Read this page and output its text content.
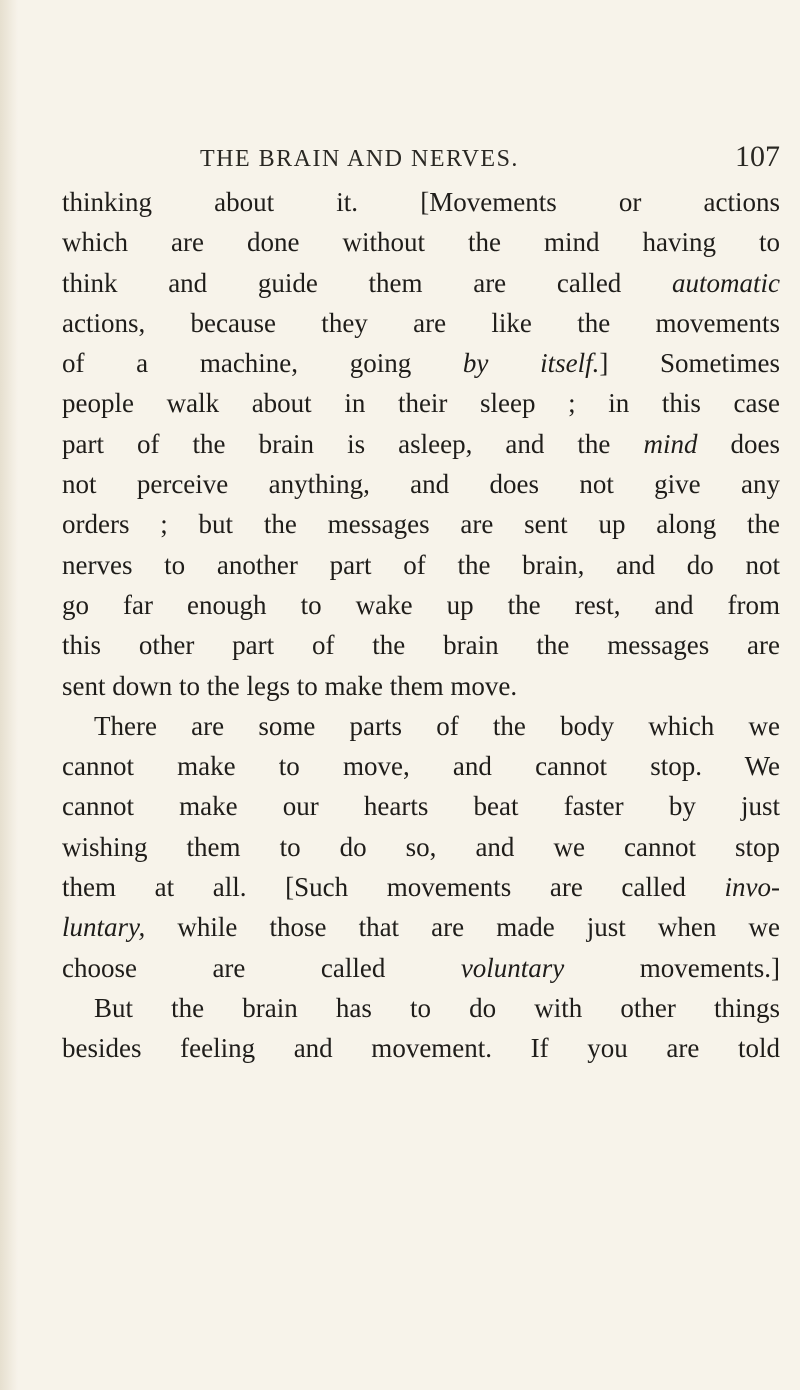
THE BRAIN AND NERVES.	107
thinking about it. [Movements or actions
which are done without the mind having to
think and guide them are called automatic
actions, because they are like the movements
of a machine, going by itself.] Sometimes
people walk about in their sleep ; in this case
part of the brain is asleep, and the mind does
not perceive anything, and does not give any
orders ; but the messages are sent up along the
nerves to another part of the brain, and do not
go far enough to wake up the rest, and from
this other part of the brain the messages are
sent down to the legs to make them move.
There are some parts of the body which we
cannot make to move, and cannot stop. We
cannot make our hearts beat faster by just
wishing them to do so, and we cannot stop
them at all. [Such movements are called invo-
luntary, while those that are made just when we
choose are called voluntary movements.]
But the brain has to do with other things
besides feeling and movement. If you are told
